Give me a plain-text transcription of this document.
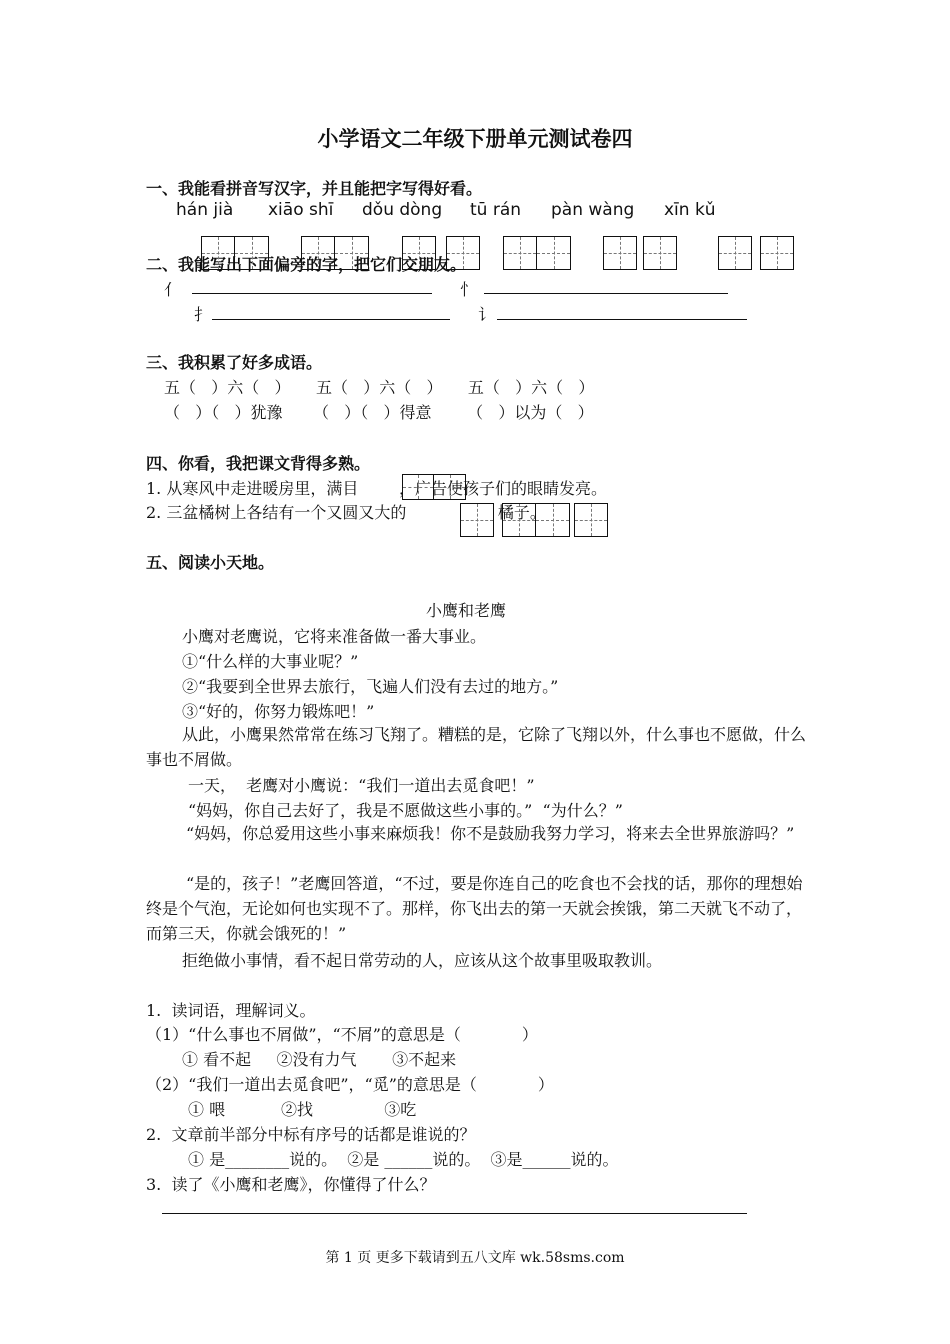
小学语文二年级下册单元测试卷四
一、我能看拼音写汉字，并且能把字写得好看。
hán jià xiāo shī dǒu dòng tū rán pàn wàng xīn kǔ
二、我能写出下面偏旁的字，把它们交朋友。
亻	忄
扌	讠
三、我积累了好多成语。
五（   ）六（   ）     五（   ）六（   ）     五（   ）六（   ）
（   ）（   ）犹豫      （   ）（   ）得意       （   ）以为（   ）
四、你看，我把课文背得多熟。
1. 从寒风中走进暖房里，满目        ，广告使孩子们的眼睛发亮。
2. 三盆橘树上各结有一个又圆又大的                  橘子。
五、阅读小天地。
小鹰和老鹰
小鹰对老鹰说，它将来准备做一番大事业。
①“什么样的大事业呢？”
②“我要到全世界去旅行，飞遍人们没有去过的地方。”
③“好的，你努力锻炼吧！”
从此，小鹰果然常常在练习飞翔了。糟糕的是，它除了飞翔以外，什么事也不愿做，什么事也不屑做。
一天，  老鹰对小鹰说：“我们一道出去觅食吧！”
“妈妈，你自己去好了，我是不愿做这些小事的。”  “为什么？”
“妈妈，你总爱用这些小事来麻烦我！你不是鼓励我努力学习，将来去全世界旅游吗？”
“是的，孩子！”老鹰回答道，“不过，要是你连自己的吃食也不会找的话，那你的理想始终是个气泡，无论如何也实现不了。那样，你飞出去的第一天就会挨饿，第二天就飞不动了，而第三天，你就会饿死的！”
拒绝做小事情，看不起日常劳动的人，应该从这个故事里吸取教训。
1.  读词语，理解词义。
（1）“什么事也不屑做”，“不屑”的意思是（            ）
① 看不起     ②没有力气       ③不起来
（2）“我们一道出去觅食吧”，“觅”的意思是（            ）
① 喂           ②找              ③吃
2.  文章前半部分中标有序号的话都是谁说的？
① 是________说的。  ②是 ______说的。  ③是______说的。
3.  读了《小鹰和老鹰》，你懂得了什么？
第 1 页 更多下载请到五八文库 wk.58sms.com
